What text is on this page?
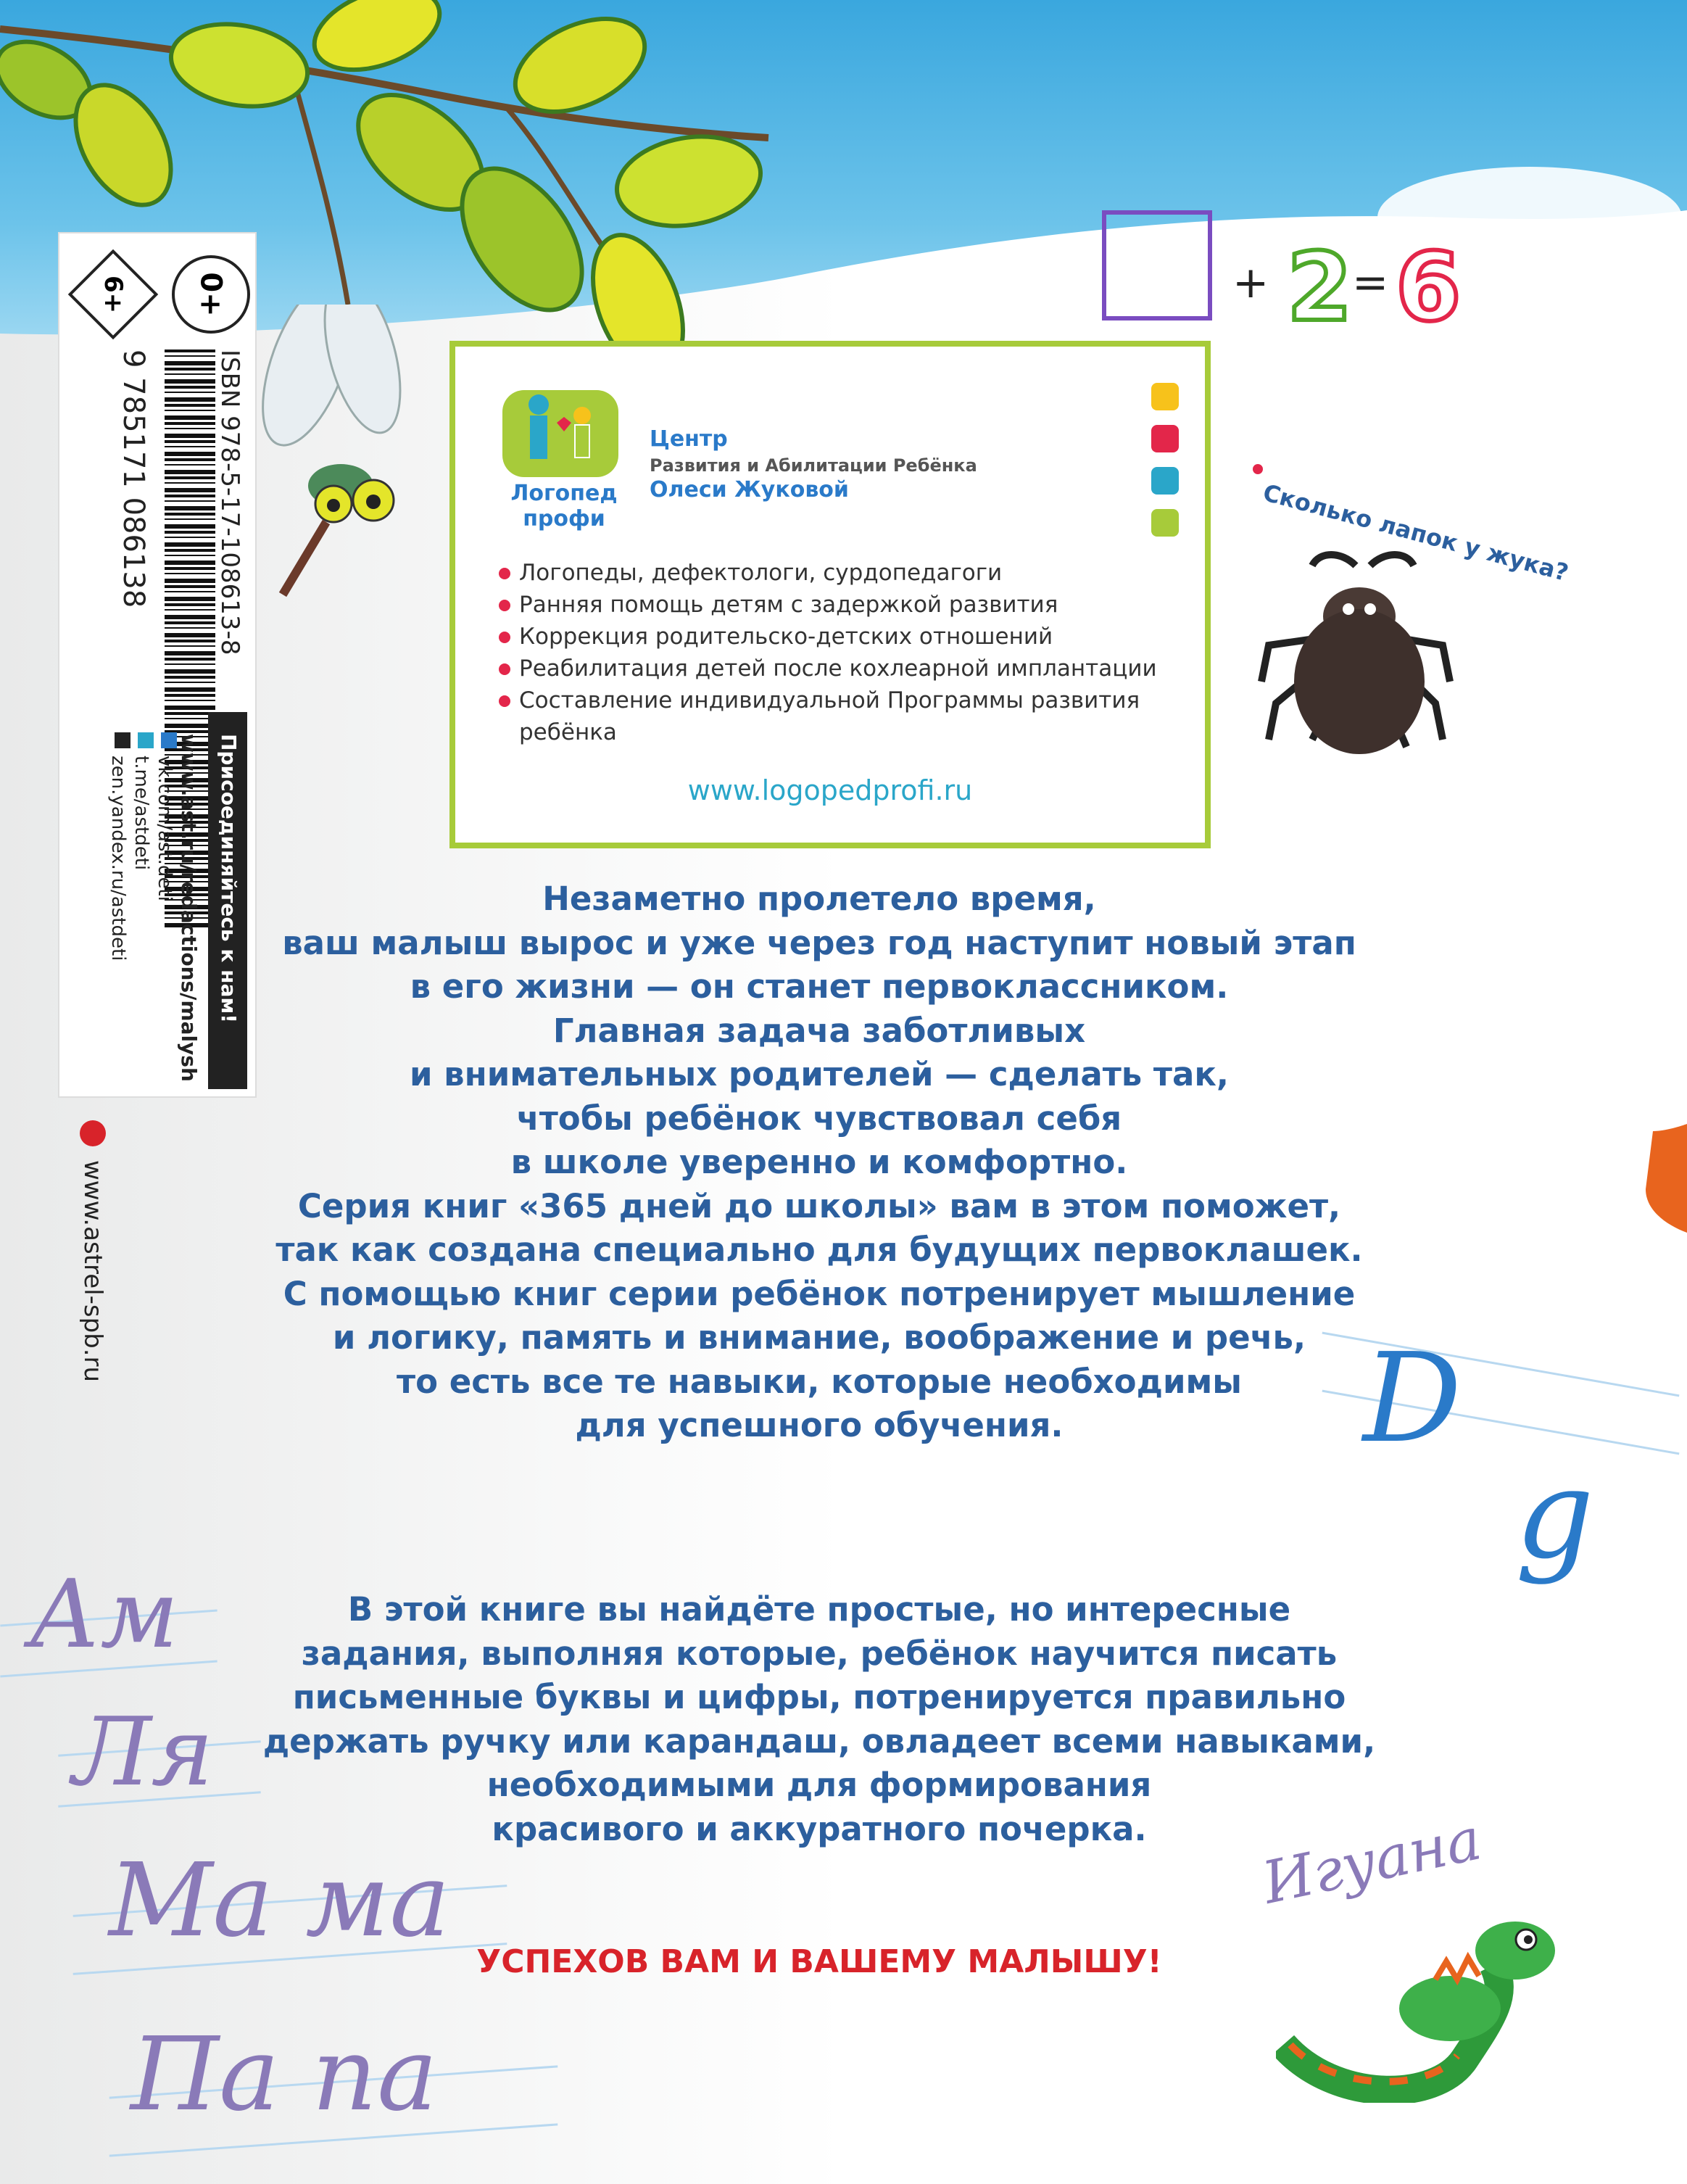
0+
6+
ISBN 978-5-17-108613-8
9 785171 086138
Присоединяйтесь к нам!
www.ast.ru/redactions/malysh
vk.com/ast.deti
t.me/astdeti
zen.yandex.ru/astdeti
www.astrel-spb.ru
Логопед
профи
Центр
Развития и Абилитации Ребёнка
Олеси Жуковой
Логопеды, дефектологи, сурдопедагоги
Ранняя помощь детям с задержкой развития
Коррекция родительско-детских отношений
Реабилитация детей после кохлеарной имплантации
Составление индивидуальной Программы развития ребёнка
www.logopedprofi.ru
+ 2 = 6
Сколько лапок у жука?

Незаметно пролетело время,

ваш малыш вырос и уже через год наступит новый этап

в его жизни — он станет первоклассником.

Главная задача заботливых

и внимательных родителей — сделать так,

чтобы ребёнок чувствовал себя

в школе уверенно и комфортно.

Серия книг «365 дней до школы» вам в этом поможет,

так как создана специально для будущих первоклашек.

С помощью книг серии ребёнок потренирует мышление

и логику, память и внимание, воображение и речь,

то есть все те навыки, которые необходимы

для успешного обучения.

В этой книге вы найдёте простые, но интересные

задания, выполняя которые, ребёнок научится писать

письменные буквы и цифры, потренируется правильно

держать ручку или карандаш, овладеет всеми навыками,

необходимыми для формирования

красивого и аккуратного почерка.

УСПЕХОВ ВАМ И ВАШЕМУ МАЛЫШУ!
Ам
Ля
Ма ма
Па па
D
g
Игуана
